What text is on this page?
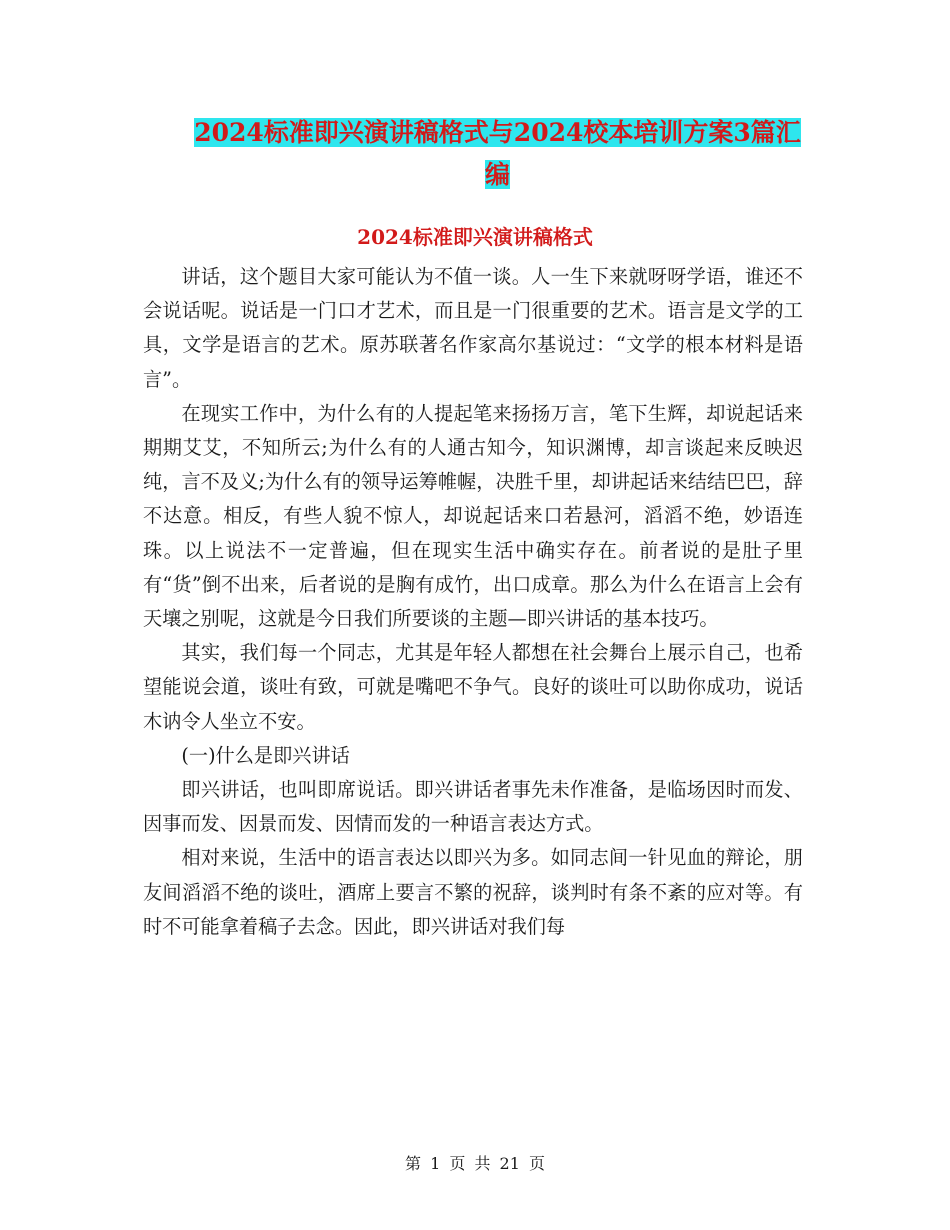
2024标准即兴演讲稿格式与2024校本培训方案3篇汇编
2024标准即兴演讲稿格式

讲话，这个题目大家可能认为不值一谈。人一生下来就呀呀学语，谁还不会说话呢。说话是一门口才艺术，而且是一门很重要的艺术。语言是文学的工具，文学是语言的艺术。原苏联著名作家高尔基说过：“文学的根本材料是语言”。

在现实工作中，为什么有的人提起笔来扬扬万言，笔下生辉，却说起话来期期艾艾，不知所云;为什么有的人通古知今，知识渊博，却言谈起来反映迟纯，言不及义;为什么有的领导运筹帷幄，决胜千里，却讲起话来结结巴巴，辞不达意。相反，有些人貌不惊人，却说起话来口若悬河，滔滔不绝，妙语连珠。以上说法不一定普遍，但在现实生活中确实存在。前者说的是肚子里有“货”倒不出来，后者说的是胸有成竹，出口成章。那么为什么在语言上会有天壤之别呢，这就是今日我们所要谈的主题—即兴讲话的基本技巧。

其实，我们每一个同志，尤其是年轻人都想在社会舞台上展示自己，也希望能说会道，谈吐有致，可就是嘴吧不争气。良好的谈吐可以助你成功，说话木讷令人坐立不安。

(一)什么是即兴讲话

即兴讲话，也叫即席说话。即兴讲话者事先未作准备，是临场因时而发、因事而发、因景而发、因情而发的一种语言表达方式。

相对来说，生活中的语言表达以即兴为多。如同志间一针见血的辩论，朋友间滔滔不绝的谈吐，酒席上要言不繁的祝辞，谈判时有条不紊的应对等。有时不可能拿着稿子去念。因此，即兴讲话对我们每

第 1 页 共 21 页
